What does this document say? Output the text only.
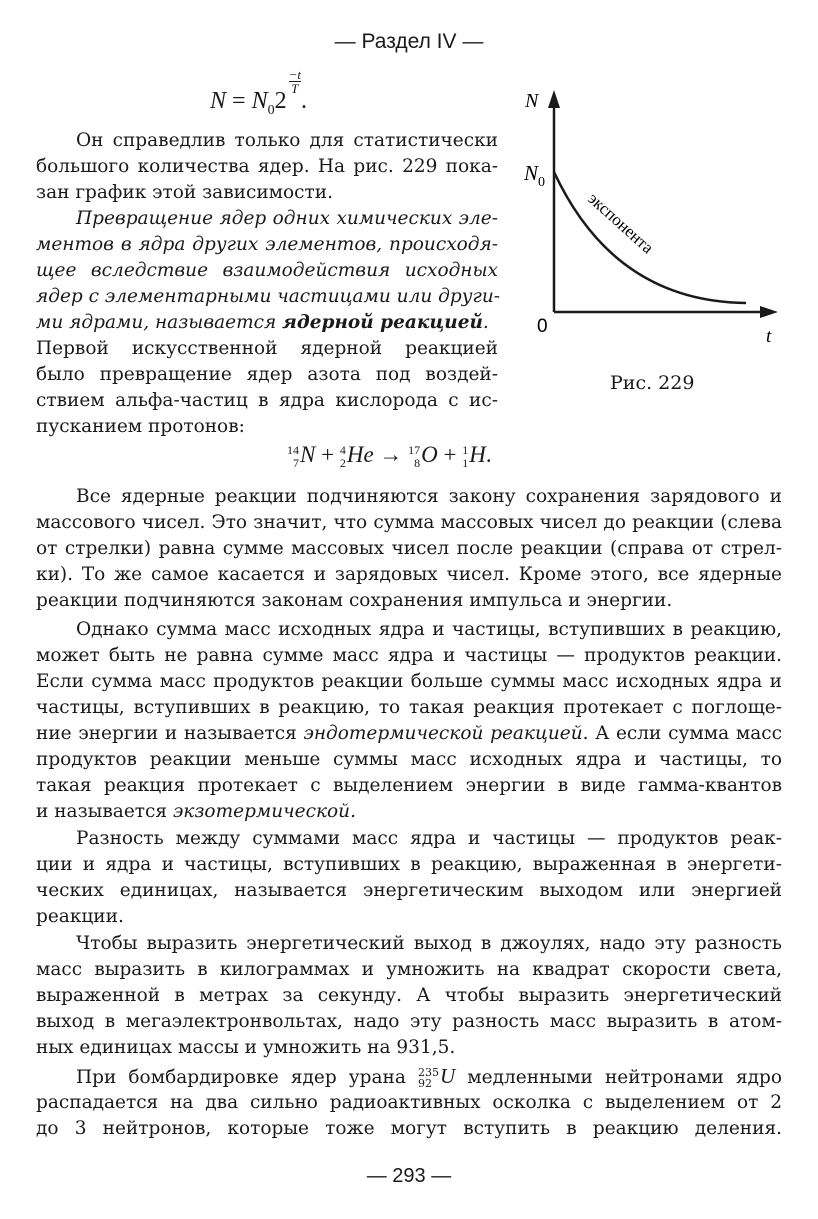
— Раздел IV —
$N = N_02$
$\frac{-t}{T}$
.	N
$N_0$
0	t
экспонента
Рис. 229
Он справедлив только для статистически
большого количества ядер. На рис. 229 пока-
зан график этой зависимости.
Превращение ядер одних химических эле-
ментов в ядра других элементов, происходя-
щее вследствие взаимодействия исходных
ядер с элементарными частицами или други-
ми ядрами, называется ядерной реакцией.
Первой искусственной ядерной реакцией
было превращение ядер азота под воздей-
ствием альфа-частиц в ядра кислорода с ис-
пусканием протонов:
14
7 N + 4
2 He → 17
8 O + 1
1 H.
Все ядерные реакции подчиняются закону сохранения зарядового и
массового чисел. Это значит, что сумма массовых чисел до реакции (слева
от стрелки) равна сумме массовых чисел после реакции (справа от стрел-
ки). То же самое касается и зарядовых чисел. Кроме этого, все ядерные
реакции подчиняются законам сохранения импульса и энергии.
Однако сумма масс исходных ядра и частицы, вступивших в реакцию,
может быть не равна сумме масс ядра и частицы — продуктов реакции.
Если сумма масс продуктов реакции больше суммы масс исходных ядра и
частицы, вступивших в реакцию, то такая реакция протекает с поглоще-
ние энергии и называется эндотермической реакцией. А если сумма масс
продуктов реакции меньше суммы масс исходных ядра и частицы, то
такая реакция протекает с выделением энергии в виде гамма-квантов
и называется экзотермической.
Разность между суммами масс ядра и частицы — продуктов реак-
ции и ядра и частицы, вступивших в реакцию, выраженная в энергети-
ческих единицах, называется энергетическим выходом или энергией
реакции.
Чтобы выразить энергетический выход в джоулях, надо эту разность
масс выразить в килограммах и умножить на квадрат скорости света,
выраженной в метрах за секунду. А чтобы выразить энергетический
выход в мегаэлектронвольтах, надо эту разность масс выразить в атом-
ных единицах массы и умножить на 931,5.
При бомбардировке ядер урана 235
92 U медленными нейтронами ядро
распадается на два сильно радиоактивных осколка с выделением от 2
до 3 нейтронов, которые тоже могут вступить в реакцию деления.
— 293 —
